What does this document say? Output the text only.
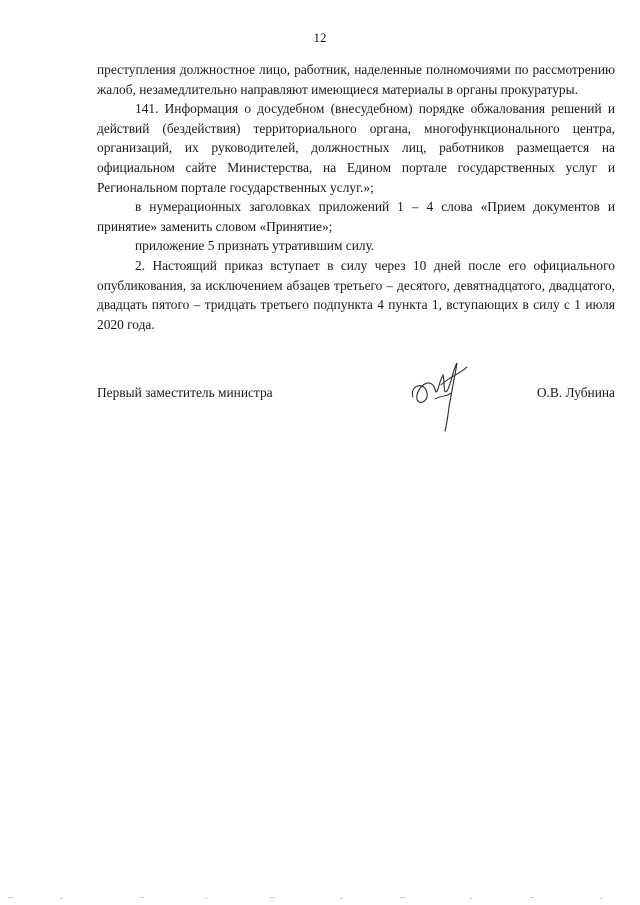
12

преступления должностное лицо, работник, наделенные полномочиями по рассмотрению жалоб, незамедлительно направляют имеющиеся материалы в органы прокуратуры.

141. Информация о досудебном (внесудебном) порядке обжалования решений и действий (бездействия) территориального органа, многофункционального центра, организаций, их руководителей, должностных лиц, работников размещается на официальном сайте Министерства, на Едином портале государственных услуг и Региональном портале государственных услуг.»;

в нумерационных заголовках приложений 1 – 4 слова «Прием документов и принятие» заменить словом «Принятие»;

приложение 5 признать утратившим силу.

2. Настоящий приказ вступает в силу через 10 дней после его официального опубликования, за исключением абзацев третьего – десятого, девятнадцатого, двадцатого, двадцать пятого – тридцать третьего подпункта 4 пункта 1, вступающих в силу с 1 июля 2020 года.

Первый заместитель министра	О.В. Лубнина
